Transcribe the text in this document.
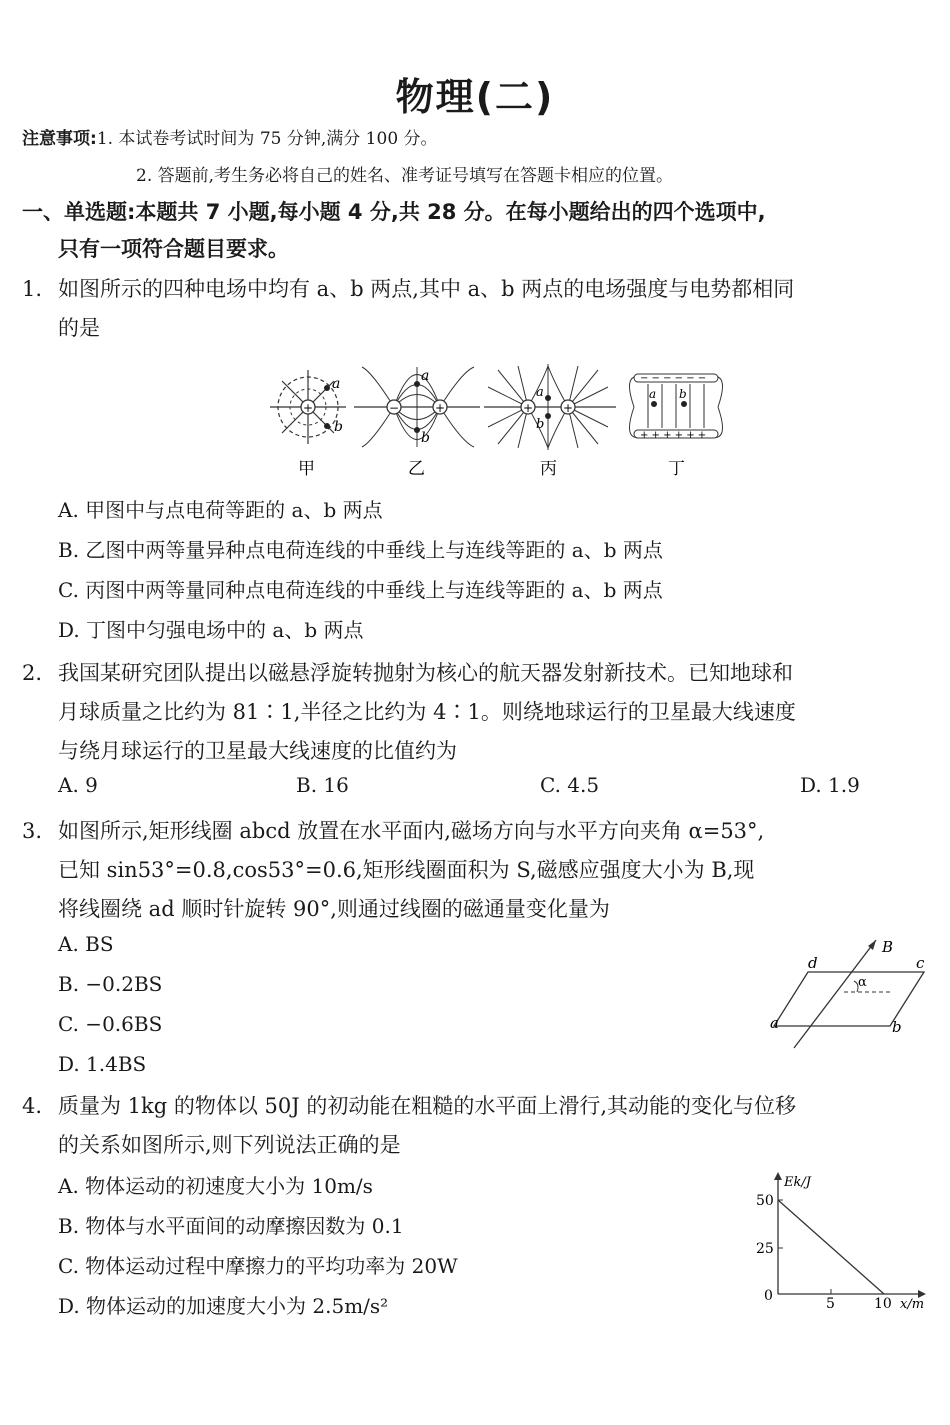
物理(二)
注意事项:1. 本试卷考试时间为 75 分钟,满分 100 分。
2. 答题前,考生务必将自己的姓名、准考证号填写在答题卡相应的位置。
一、单选题:本题共 7 小题,每小题 4 分,共 28 分。在每小题给出的四个选项中,
只有一项符合题目要求。
1. 如图所示的四种电场中均有 a、b 两点,其中 a、b 两点的电场强度与电势都相同
的是
+
a
b
−	+
a
b
+ +
a
b
− − − − − −
+ + + + + +
a b
甲	乙	丙	丁
A. 甲图中与点电荷等距的 a、b 两点
B. 乙图中两等量异种点电荷连线的中垂线上与连线等距的 a、b 两点
C. 丙图中两等量同种点电荷连线的中垂线上与连线等距的 a、b 两点
D. 丁图中匀强电场中的 a、b 两点
2. 我国某研究团队提出以磁悬浮旋转抛射为核心的航天器发射新技术。已知地球和
月球质量之比约为 81∶1,半径之比约为 4∶1。则绕地球运行的卫星最大线速度
与绕月球运行的卫星最大线速度的比值约为
A. 9	B. 16	C. 4.5	D. 1.9
3. 如图所示,矩形线圈 abcd 放置在水平面内,磁场方向与水平方向夹角 α=53°,
已知 sin53°=0.8,cos53°=0.6,矩形线圈面积为 S,磁感应强度大小为 B,现
将线圈绕 ad 顺时针旋转 90°,则通过线圈的磁通量变化量为
A. BS
B. −0.2BS
C. −0.6BS
D. 1.4BS
B
d	c
a	b
α
4. 质量为 1kg 的物体以 50J 的初动能在粗糙的水平面上滑行,其动能的变化与位移
的关系如图所示,则下列说法正确的是
A. 物体运动的初速度大小为 10m/s
B. 物体与水平面间的动摩擦因数为 0.1
C. 物体运动过程中摩擦力的平均功率为 20W
D. 物体运动的加速度大小为 2.5m/s²
Ek/J
x/m
50
25
0	5	10
